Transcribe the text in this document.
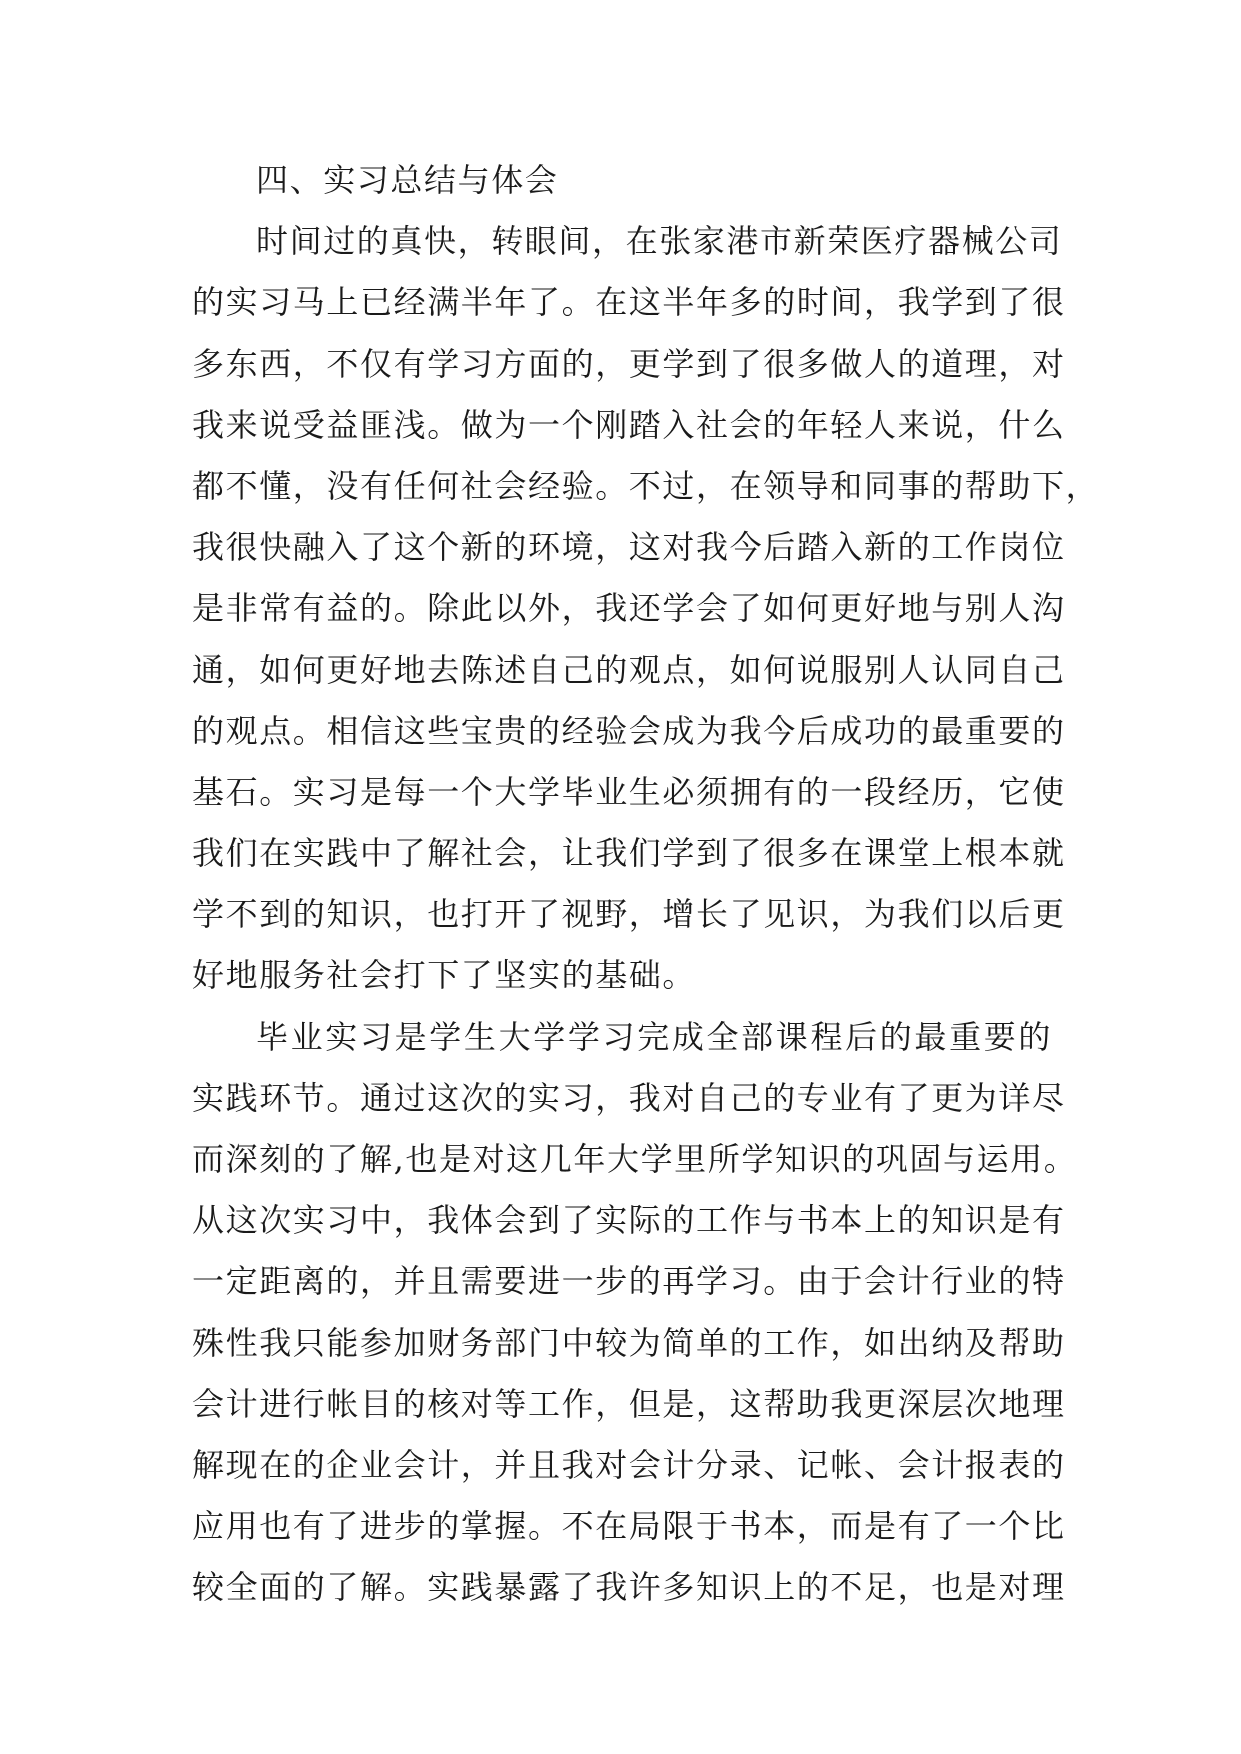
四、实习总结与体会
时间过的真快，转眼间，在张家港市新荣医疗器械公司
的实习马上已经满半年了。在这半年多的时间，我学到了很
多东西，不仅有学习方面的，更学到了很多做人的道理，对
我来说受益匪浅。做为一个刚踏入社会的年轻人来说，什么
都不懂，没有任何社会经验。不过，在领导和同事的帮助下，
我很快融入了这个新的环境，这对我今后踏入新的工作岗位
是非常有益的。除此以外，我还学会了如何更好地与别人沟
通，如何更好地去陈述自己的观点，如何说服别人认同自己
的观点。相信这些宝贵的经验会成为我今后成功的最重要的
基石。实习是每一个大学毕业生必须拥有的一段经历，它使
我们在实践中了解社会，让我们学到了很多在课堂上根本就
学不到的知识，也打开了视野，增长了见识，为我们以后更
好地服务社会打下了坚实的基础。
毕业实习是学生大学学习完成全部课程后的最重要的
实践环节。通过这次的实习，我对自己的专业有了更为详尽
而深刻的了解,也是对这几年大学里所学知识的巩固与运用。
从这次实习中，我体会到了实际的工作与书本上的知识是有
一定距离的，并且需要进一步的再学习。由于会计行业的特
殊性我只能参加财务部门中较为简单的工作，如出纳及帮助
会计进行帐目的核对等工作，但是，这帮助我更深层次地理
解现在的企业会计，并且我对会计分录、记帐、会计报表的
应用也有了进步的掌握。不在局限于书本，而是有了一个比
较全面的了解。实践暴露了我许多知识上的不足，也是对理
